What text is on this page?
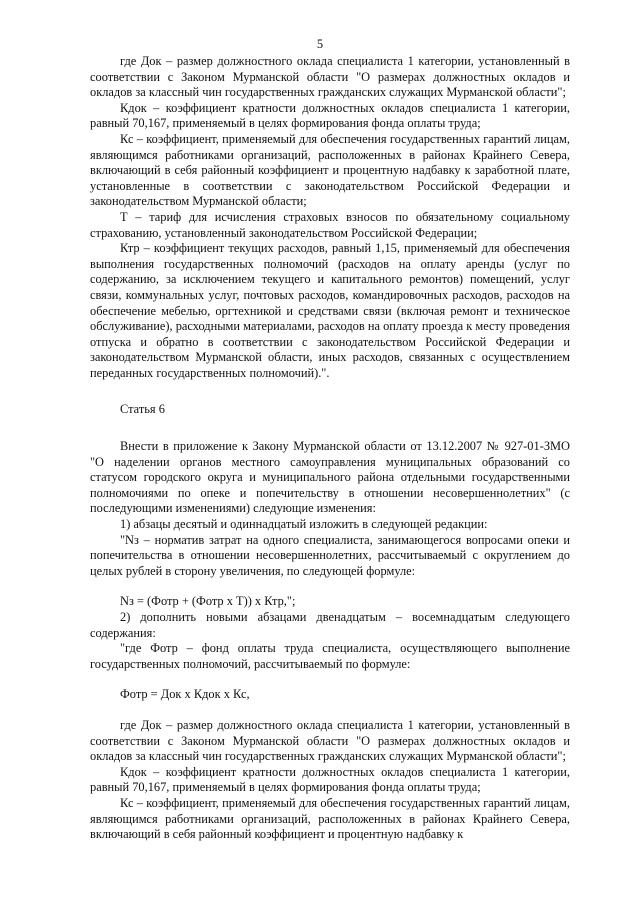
5

где Док – размер должностного оклада специалиста 1 категории, установленный в соответствии с Законом Мурманской области "О размерах должностных окладов и окладов за классный чин государственных гражданских служащих Мурманской области";

Кдок – коэффициент кратности должностных окладов специалиста 1 категории, равный 70,167, применяемый в целях формирования фонда оплаты труда;

Кс – коэффициент, применяемый для обеспечения государственных гарантий лицам, являющимся работниками организаций, расположенных в районах Крайнего Севера, включающий в себя районный коэффициент и процентную надбавку к заработной плате, установленные в соответствии с законодательством Российской Федерации и законодательством Мурманской области;

Т – тариф для исчисления страховых взносов по обязательному социальному страхованию, установленный законодательством Российской Федерации;

Ктр – коэффициент текущих расходов, равный 1,15, применяемый для обеспечения выполнения государственных полномочий (расходов на оплату аренды (услуг по содержанию, за исключением текущего и капитального ремонтов) помещений, услуг связи, коммунальных услуг, почтовых расходов, командировочных расходов, расходов на обеспечение мебелью, оргтехникой и средствами связи (включая ремонт и техническое обслуживание), расходными материалами, расходов на оплату проезда к месту проведения отпуска и обратно в соответствии с законодательством Российской Федерации и законодательством Мурманской области, иных расходов, связанных с осуществлением переданных государственных полномочий).".

Статья 6

Внести в приложение к Закону Мурманской области от 13.12.2007 № 927-01-ЗМО "О наделении органов местного самоуправления муниципальных образований со статусом городского округа и муниципального района отдельными государственными полномочиями по опеке и попечительству в отношении несовершеннолетних" (с последующими изменениями) следующие изменения:

1) абзацы десятый и одиннадцатый изложить в следующей редакции:

"Nз – норматив затрат на одного специалиста, занимающегося вопросами опеки и попечительства в отношении несовершеннолетних, рассчитываемый с округлением до целых рублей в сторону увеличения, по следующей формуле:

Nз = (Фотр + (Фотр х Т)) х Ктр,";

2) дополнить новыми абзацами двенадцатым – восемнадцатым следующего содержания:

"где Фотр – фонд оплаты труда специалиста, осуществляющего выполнение государственных полномочий, рассчитываемый по формуле:

Фотр = Док х Кдок х Кс,

где Док – размер должностного оклада специалиста 1 категории, установленный в соответствии с Законом Мурманской области "О размерах должностных окладов и окладов за классный чин государственных гражданских служащих Мурманской области";

Кдок – коэффициент кратности должностных окладов специалиста 1 категории, равный 70,167, применяемый в целях формирования фонда оплаты труда;

Кс – коэффициент, применяемый для обеспечения государственных гарантий лицам, являющимся работниками организаций, расположенных в районах Крайнего Севера, включающий в себя районный коэффициент и процентную надбавку к
